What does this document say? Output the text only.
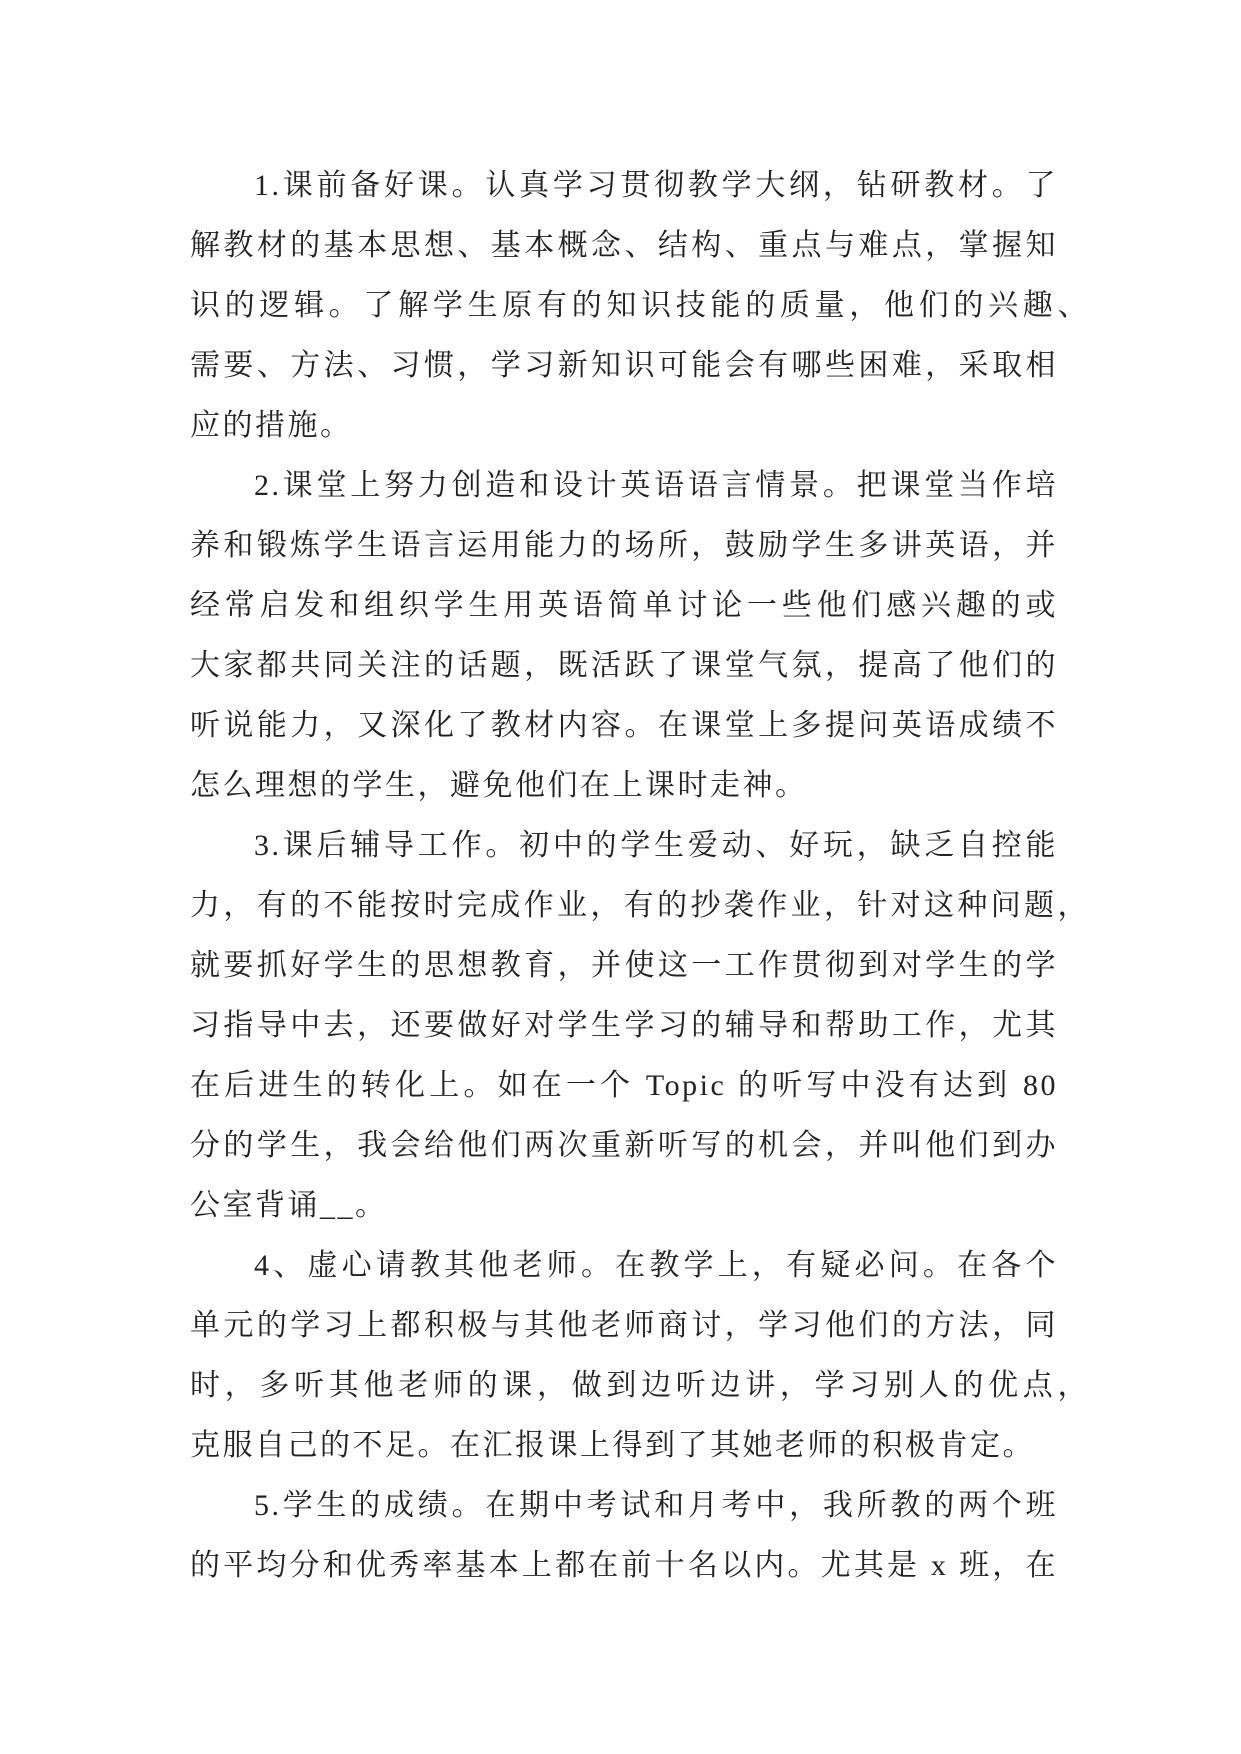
1.课前备好课。认真学习贯彻教学大纲，钻研教材。了
解教材的基本思想、基本概念、结构、重点与难点，掌握知
识的逻辑。了解学生原有的知识技能的质量，他们的兴趣、
需要、方法、习惯，学习新知识可能会有哪些困难，采取相
应的措施。
2.课堂上努力创造和设计英语语言情景。把课堂当作培
养和锻炼学生语言运用能力的场所，鼓励学生多讲英语，并
经常启发和组织学生用英语简单讨论一些他们感兴趣的或
大家都共同关注的话题，既活跃了课堂气氛，提高了他们的
听说能力，又深化了教材内容。在课堂上多提问英语成绩不
怎么理想的学生，避免他们在上课时走神。
3.课后辅导工作。初中的学生爱动、好玩，缺乏自控能
力，有的不能按时完成作业，有的抄袭作业，针对这种问题，
就要抓好学生的思想教育，并使这一工作贯彻到对学生的学
习指导中去，还要做好对学生学习的辅导和帮助工作，尤其
在后进生的转化上。如在一个 Topic 的听写中没有达到 80
分的学生，我会给他们两次重新听写的机会，并叫他们到办
公室背诵__。
4、虚心请教其他老师。在教学上，有疑必问。在各个
单元的学习上都积极与其他老师商讨，学习他们的方法，同
时，多听其他老师的课，做到边听边讲，学习别人的优点，
克服自己的不足。在汇报课上得到了其她老师的积极肯定。
5.学生的成绩。在期中考试和月考中，我所教的两个班
的平均分和优秀率基本上都在前十名以内。尤其是 x 班，在
